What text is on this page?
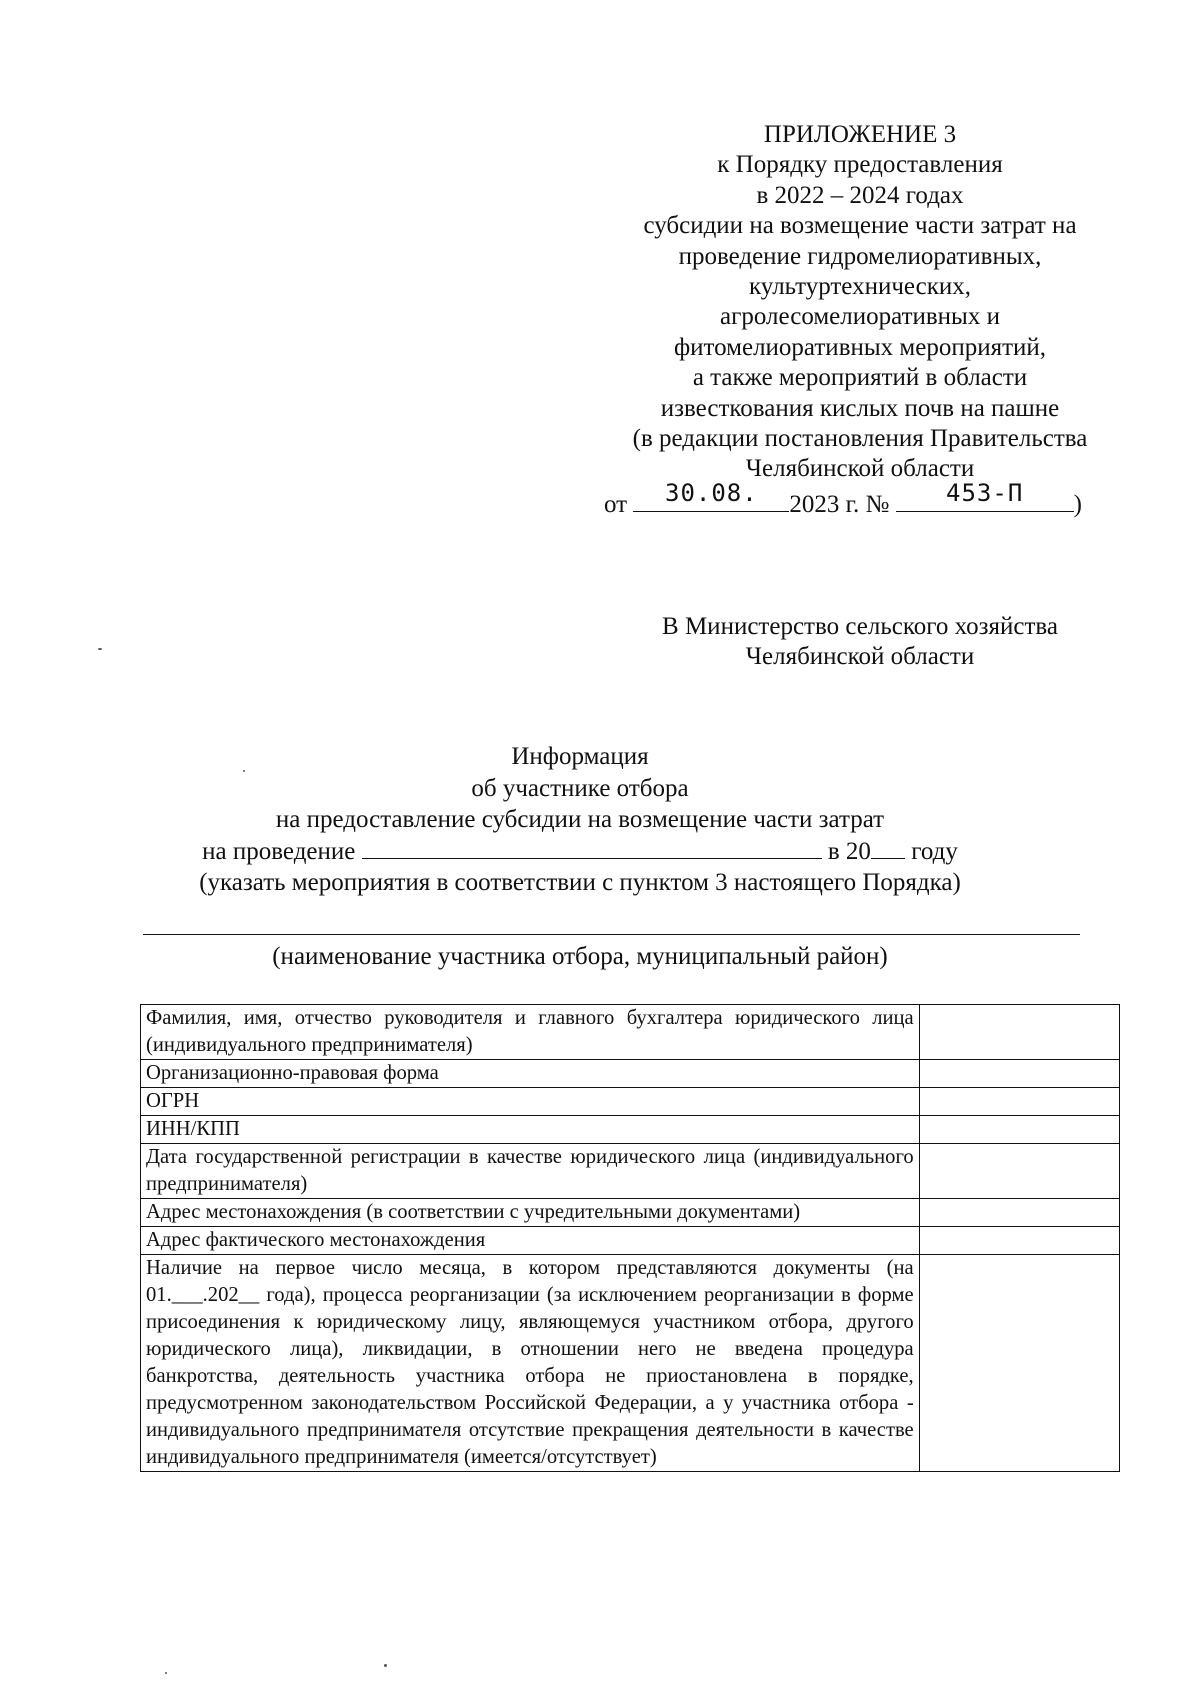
ПРИЛОЖЕНИЕ 3
к Порядку предоставления
в 2022 – 2024 годах
субсидии на возмещение части затрат на
проведение гидромелиоративных,
культуртехнических,
агролесомелиоративных и
фитомелиоративных мероприятий,
а также мероприятий в области
известкования кислых почв на пашне
(в редакции постановления Правительства
Челябинской области
от	30.08.	2023 г. №	453-П	)
В Министерство сельского хозяйства
Челябинской области
Информация
об участнике отбора
на предоставление субсидии на возмещение части затрат
на проведение	в 20 году
(указать мероприятия в соответствии с пунктом 3 настоящего Порядка)
(наименование участника отбора, муниципальный район)
Фамилия, имя, отчество руководителя и главного бухгалтера юридического лица (индивидуального предпринимателя)	
Организационно-правовая форма	
ОГРН	
ИНН/КПП	
Дата государственной регистрации в качестве юридического лица (индивидуального предпринимателя)	
Адрес местонахождения (в соответствии с учредительными документами)	
Адрес фактического местонахождения	
Наличие на первое число месяца, в котором представляются документы (на 01.___.202__ года), процесса реорганизации (за исключением реорганизации в форме присоединения к юридическому лицу, являющемуся участником отбора, другого юридического лица), ликвидации, в отношении него не введена процедура банкротства, деятельность участника отбора не приостановлена в порядке, предусмотренном законодательством Российской Федерации, а у участника отбора - индивидуального предпринимателя отсутствие прекращения деятельности в качестве индивидуального предпринимателя (имеется/отсутствует)	
